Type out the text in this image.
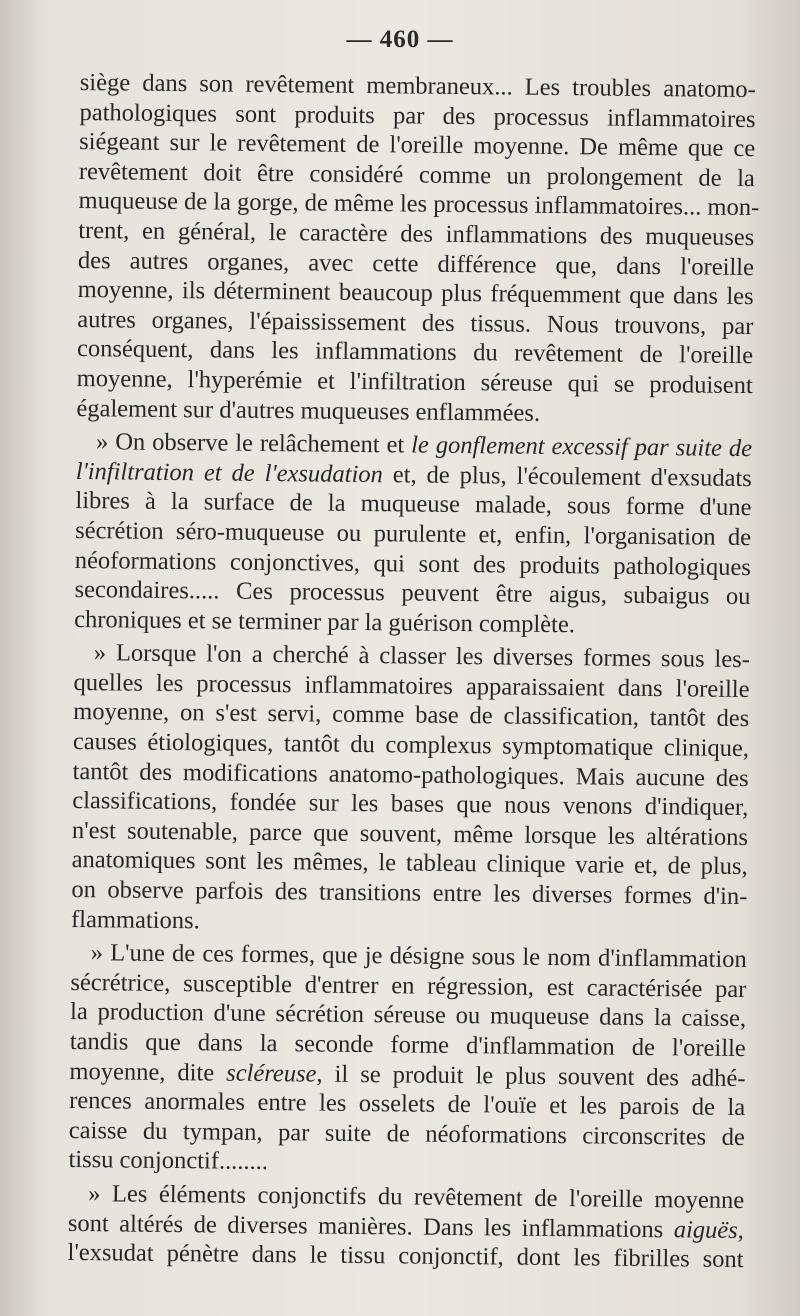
— 460 —
siège dans son revêtement membraneux... Les troubles anatomo-
pathologiques sont produits par des processus inflammatoires
siégeant sur le revêtement de l'oreille moyenne. De même que ce
revêtement doit être considéré comme un prolongement de la
muqueuse de la gorge, de même les processus inflammatoires... mon-
trent, en général, le caractère des inflammations des muqueuses
des autres organes, avec cette différence que, dans l'oreille
moyenne, ils déterminent beaucoup plus fréquemment que dans les
autres organes, l'épaississement des tissus. Nous trouvons, par
conséquent, dans les inflammations du revêtement de l'oreille
moyenne, l'hyperémie et l'infiltration séreuse qui se produisent
également sur d'autres muqueuses enflammées.
» On observe le relâchement et le gonflement excessif par suite de
l'infiltration et de l'exsudation et, de plus, l'écoulement d'exsudats
libres à la surface de la muqueuse malade, sous forme d'une
sécrétion séro-muqueuse ou purulente et, enfin, l'organisation de
néoformations conjonctives, qui sont des produits pathologiques
secondaires..... Ces processus peuvent être aigus, subaigus ou
chroniques et se terminer par la guérison complète.
» Lorsque l'on a cherché à classer les diverses formes sous les-
quelles les processus inflammatoires apparaissaient dans l'oreille
moyenne, on s'est servi, comme base de classification, tantôt des
causes étiologiques, tantôt du complexus symptomatique clinique,
tantôt des modifications anatomo-pathologiques. Mais aucune des
classifications, fondée sur les bases que nous venons d'indiquer,
n'est soutenable, parce que souvent, même lorsque les altérations
anatomiques sont les mêmes, le tableau clinique varie et, de plus,
on observe parfois des transitions entre les diverses formes d'in-
flammations.
» L'une de ces formes, que je désigne sous le nom d'inflammation
sécrétrice, susceptible d'entrer en régression, est caractérisée par
la production d'une sécrétion séreuse ou muqueuse dans la caisse,
tandis que dans la seconde forme d'inflammation de l'oreille
moyenne, dite scléreuse, il se produit le plus souvent des adhé-
rences anormales entre les osselets de l'ouïe et les parois de la
caisse du tympan, par suite de néoformations circonscrites de
tissu conjonctif........
» Les éléments conjonctifs du revêtement de l'oreille moyenne
sont altérés de diverses manières. Dans les inflammations aiguës,
l'exsudat pénètre dans le tissu conjonctif, dont les fibrilles sont
